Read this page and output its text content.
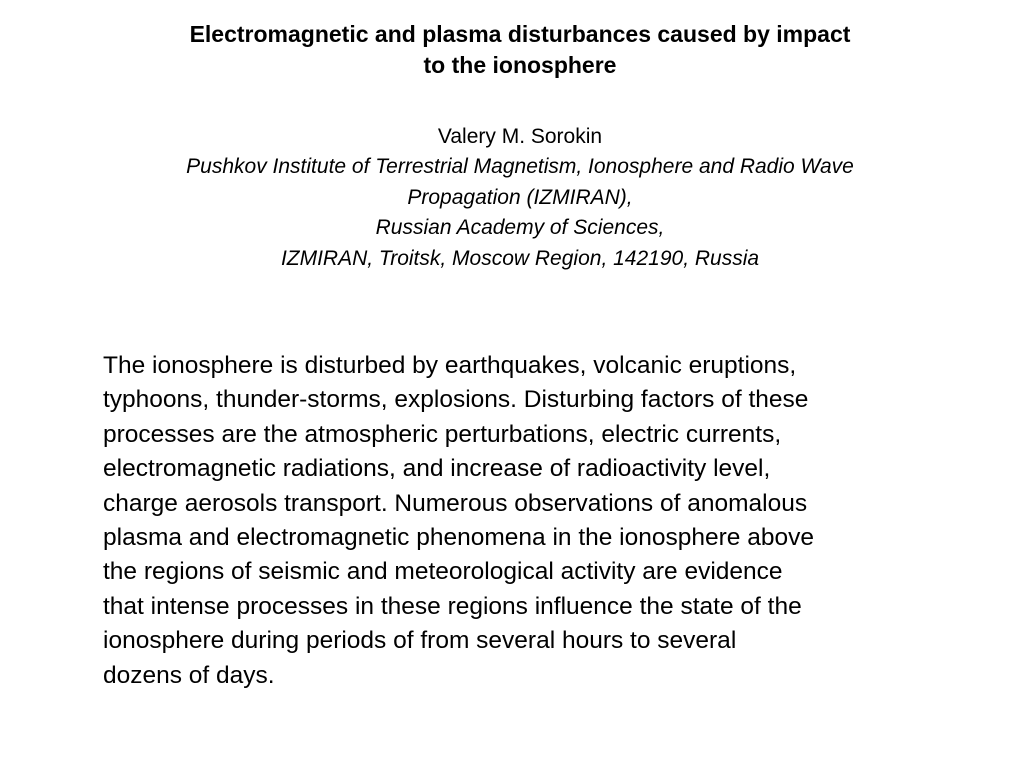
Electromagnetic and plasma disturbances caused by impact
to the ionosphere

Valery M. Sorokin

Pushkov Institute of Terrestrial Magnetism, Ionosphere and Radio Wave
Propagation (IZMIRAN),
Russian Academy of Sciences,
IZMIRAN, Troitsk, Moscow Region, 142190, Russia

The ionosphere is disturbed by earthquakes, volcanic eruptions,
typhoons, thunder-storms, explosions. Disturbing factors of these
processes are the atmospheric perturbations, electric currents,
electromagnetic radiations, and increase of radioactivity level,
charge aerosols transport. Numerous observations of anomalous
plasma and electromagnetic phenomena in the ionosphere above
the regions of seismic and meteorological activity are evidence
that intense processes in these regions influence the state of the
ionosphere during periods of from several hours to several
dozens of days.
